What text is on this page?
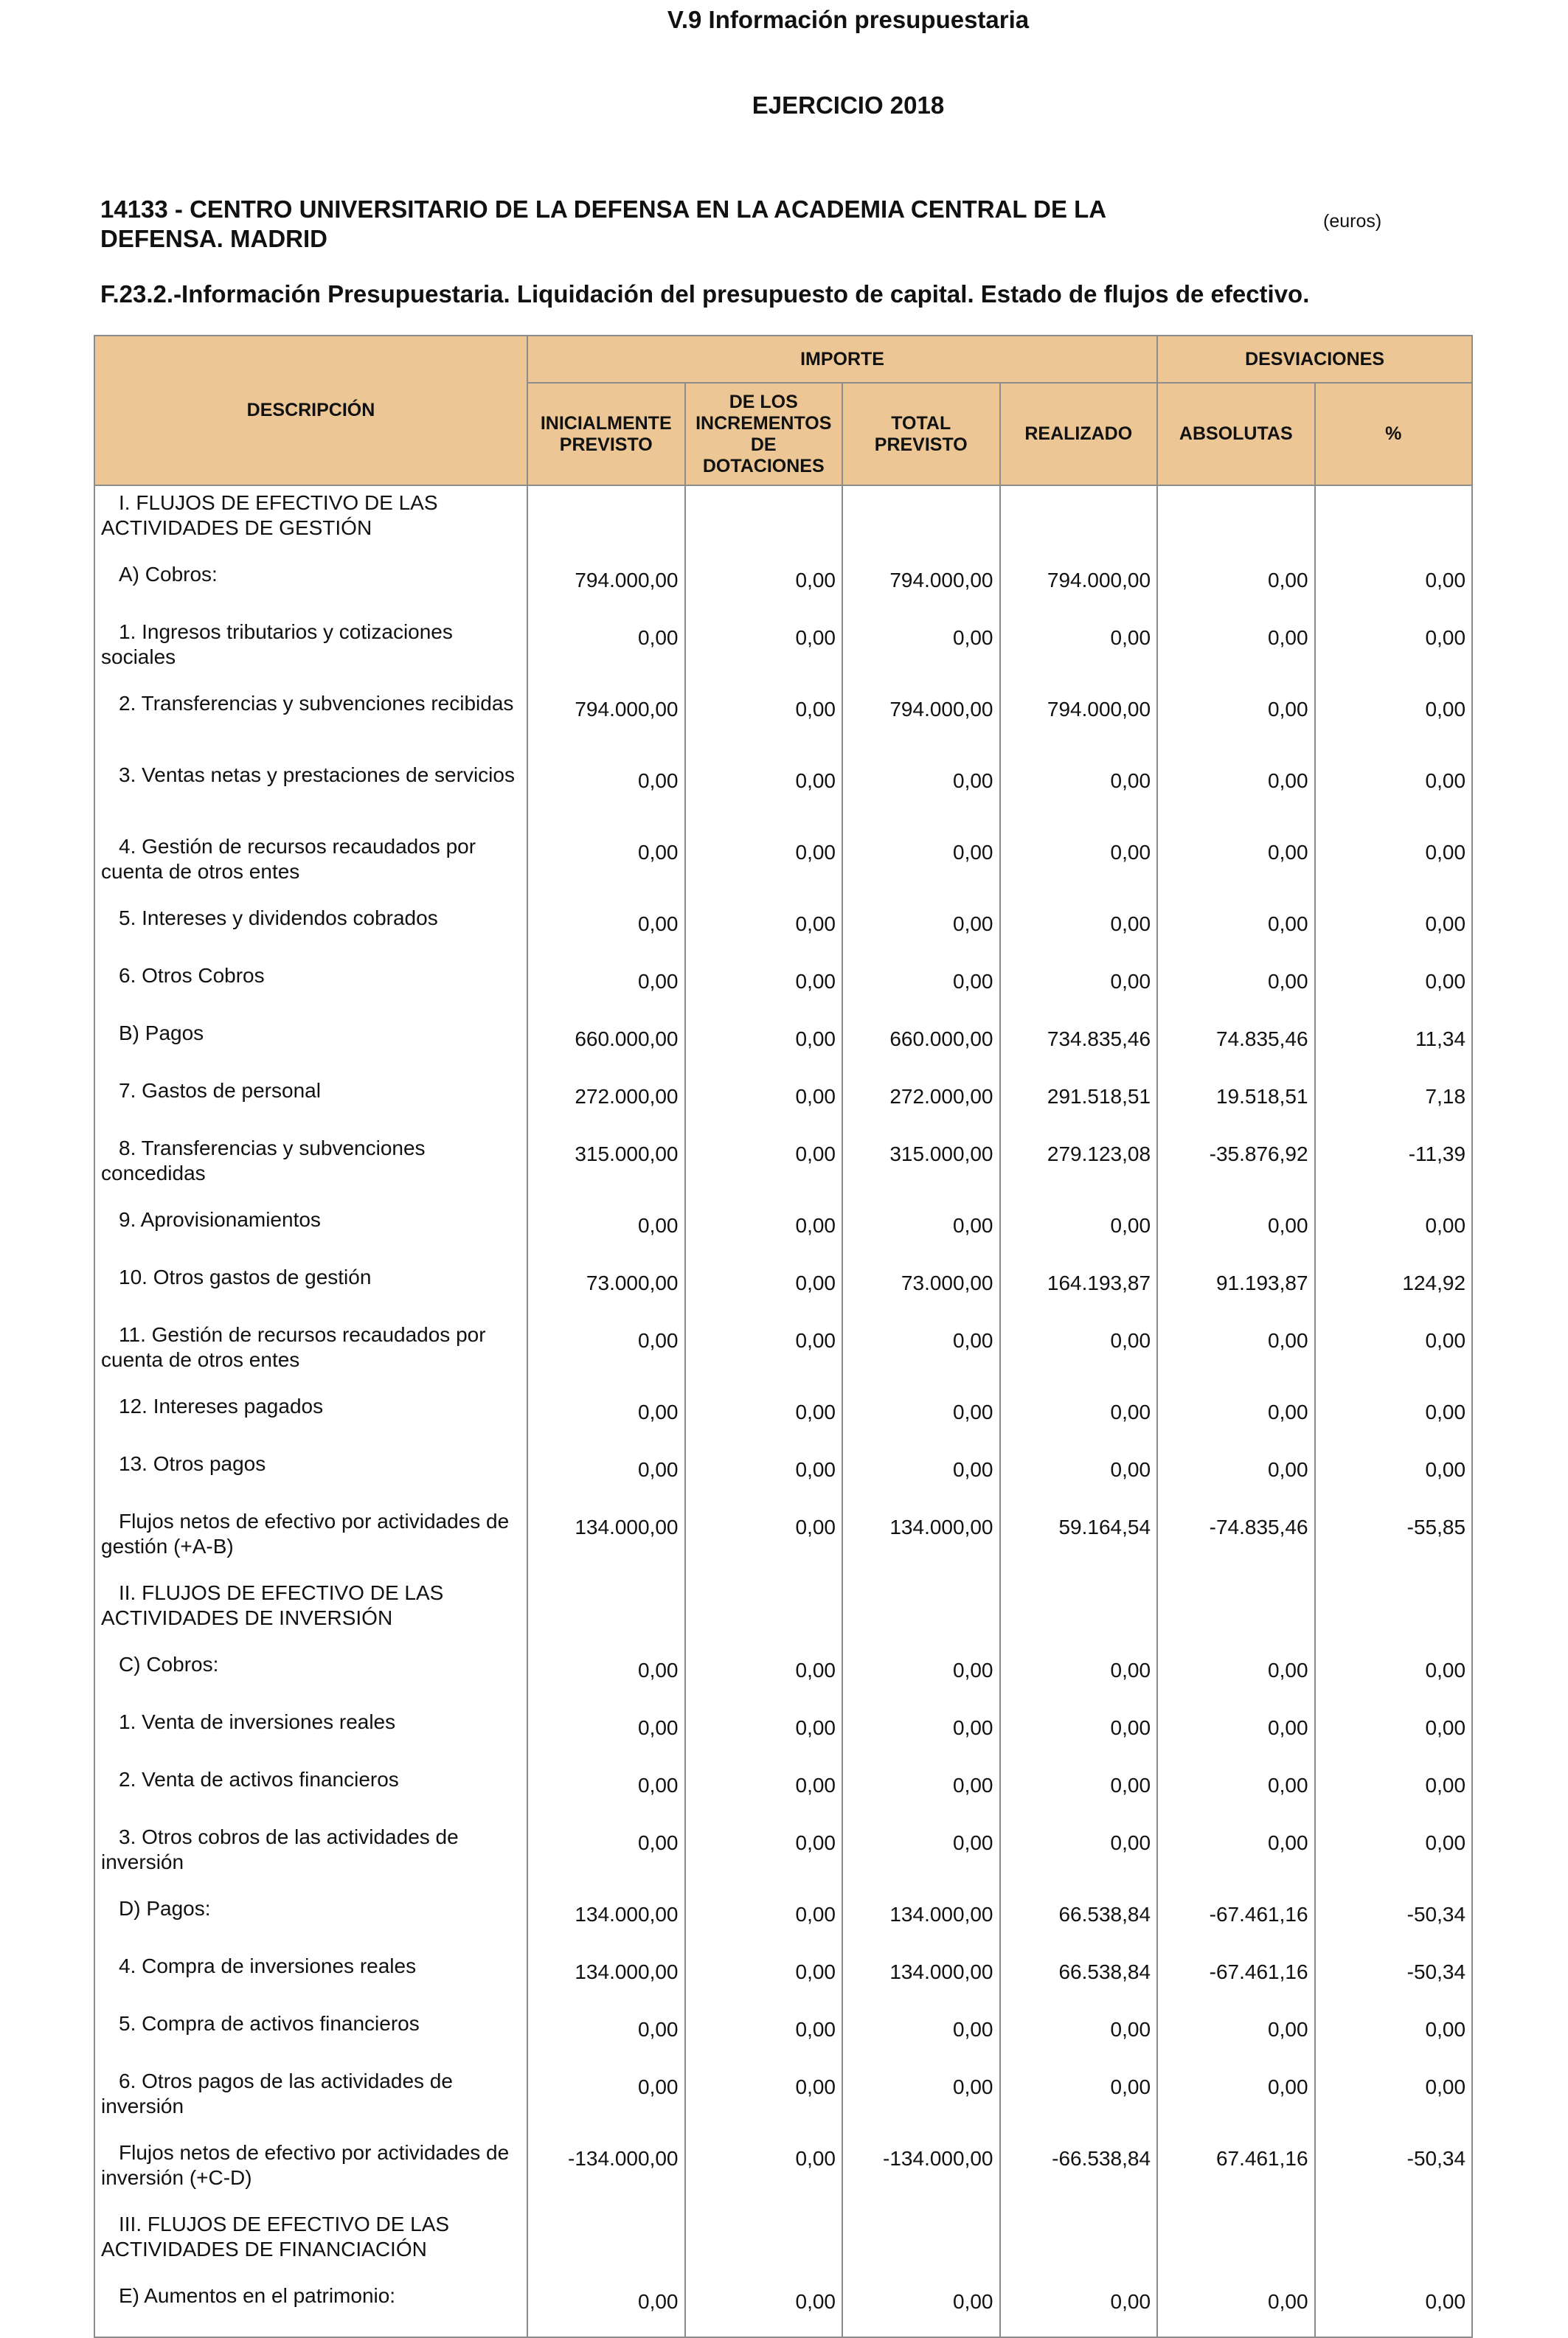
V.9 Información presupuestaria
EJERCICIO 2018
14133 - CENTRO UNIVERSITARIO DE LA DEFENSA EN LA ACADEMIA CENTRAL DE LA DEFENSA. MADRID
(euros)
F.23.2.-Información Presupuestaria. Liquidación del presupuesto de capital. Estado de flujos de efectivo.
DESCRIPCIÓN	IMPORTE				DESVIACIONES	
	INICIALMENTE PREVISTO	DE LOS INCREMENTOS DE DOTACIONES	TOTAL PREVISTO	REALIZADO	ABSOLUTAS	%
I. FLUJOS DE EFECTIVO DE LAS ACTIVIDADES DE GESTIÓN						
A) Cobros:	794.000,00	0,00	794.000,00	794.000,00	0,00	0,00
1. Ingresos tributarios y cotizaciones sociales	0,00	0,00	0,00	0,00	0,00	0,00
2. Transferencias y subvenciones recibidas	794.000,00	0,00	794.000,00	794.000,00	0,00	0,00
3. Ventas netas y prestaciones de servicios	0,00	0,00	0,00	0,00	0,00	0,00
4. Gestión de recursos recaudados por cuenta de otros entes	0,00	0,00	0,00	0,00	0,00	0,00
5. Intereses y dividendos cobrados	0,00	0,00	0,00	0,00	0,00	0,00
6. Otros Cobros	0,00	0,00	0,00	0,00	0,00	0,00
B) Pagos	660.000,00	0,00	660.000,00	734.835,46	74.835,46	11,34
7. Gastos de personal	272.000,00	0,00	272.000,00	291.518,51	19.518,51	7,18
8. Transferencias y subvenciones concedidas	315.000,00	0,00	315.000,00	279.123,08	-35.876,92	-11,39
9. Aprovisionamientos	0,00	0,00	0,00	0,00	0,00	0,00
10. Otros gastos de gestión	73.000,00	0,00	73.000,00	164.193,87	91.193,87	124,92
11. Gestión de recursos recaudados por cuenta de otros entes	0,00	0,00	0,00	0,00	0,00	0,00
12. Intereses pagados	0,00	0,00	0,00	0,00	0,00	0,00
13. Otros pagos	0,00	0,00	0,00	0,00	0,00	0,00
Flujos netos de efectivo por actividades de gestión (+A-B)	134.000,00	0,00	134.000,00	59.164,54	-74.835,46	-55,85
II. FLUJOS DE EFECTIVO DE LAS ACTIVIDADES DE INVERSIÓN						
C) Cobros:	0,00	0,00	0,00	0,00	0,00	0,00
1. Venta de inversiones reales	0,00	0,00	0,00	0,00	0,00	0,00
2. Venta de activos financieros	0,00	0,00	0,00	0,00	0,00	0,00
3. Otros cobros de las actividades de inversión	0,00	0,00	0,00	0,00	0,00	0,00
D) Pagos:	134.000,00	0,00	134.000,00	66.538,84	-67.461,16	-50,34
4. Compra de inversiones reales	134.000,00	0,00	134.000,00	66.538,84	-67.461,16	-50,34
5. Compra de activos financieros	0,00	0,00	0,00	0,00	0,00	0,00
6. Otros pagos de las actividades de inversión	0,00	0,00	0,00	0,00	0,00	0,00
Flujos netos de efectivo por actividades de inversión (+C-D)	-134.000,00	0,00	-134.000,00	-66.538,84	67.461,16	-50,34
III. FLUJOS DE EFECTIVO DE LAS ACTIVIDADES DE FINANCIACIÓN						
E) Aumentos en el patrimonio:	0,00	0,00	0,00	0,00	0,00	0,00
